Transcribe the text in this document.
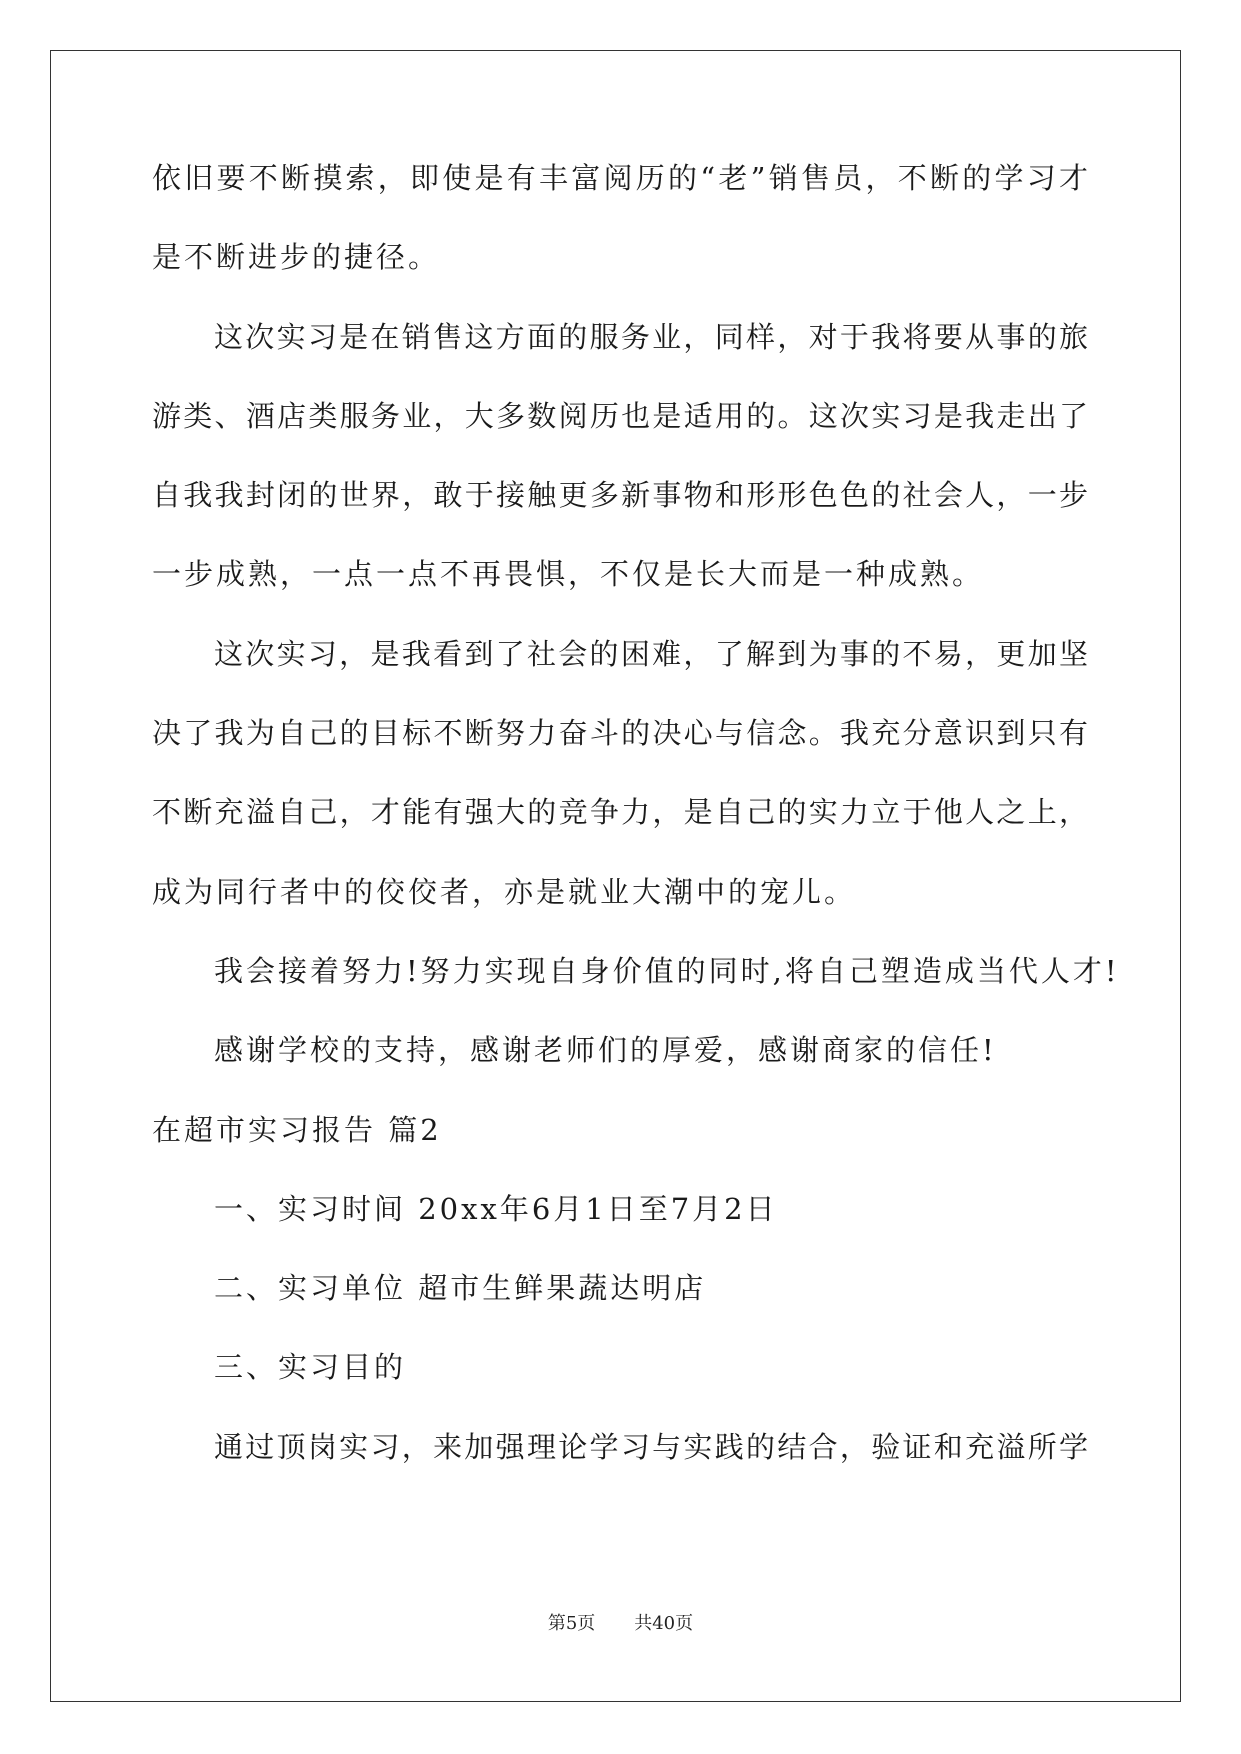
依旧要不断摸索，即使是有丰富阅历的“老”销售员，不断的学习才
是不断进步的捷径。
这次实习是在销售这方面的服务业，同样，对于我将要从事的旅
游类、酒店类服务业，大多数阅历也是适用的。这次实习是我走出了
自我我封闭的世界，敢于接触更多新事物和形形色色的社会人，一步
一步成熟，一点一点不再畏惧，不仅是长大而是一种成熟。
这次实习，是我看到了社会的困难，了解到为事的不易，更加坚
决了我为自己的目标不断努力奋斗的决心与信念。我充分意识到只有
不断充溢自己，才能有强大的竞争力，是自己的实力立于他人之上，
成为同行者中的佼佼者，亦是就业大潮中的宠儿。
我会接着努力!努力实现自身价值的同时,将自己塑造成当代人才!
感谢学校的支持，感谢老师们的厚爱，感谢商家的信任!
在超市实习报告 篇2
一、实习时间 20xx年6月1日至7月2日
二、实习单位 超市生鲜果蔬达明店
三、实习目的
通过顶岗实习，来加强理论学习与实践的结合，验证和充溢所学
第5页 共40页
